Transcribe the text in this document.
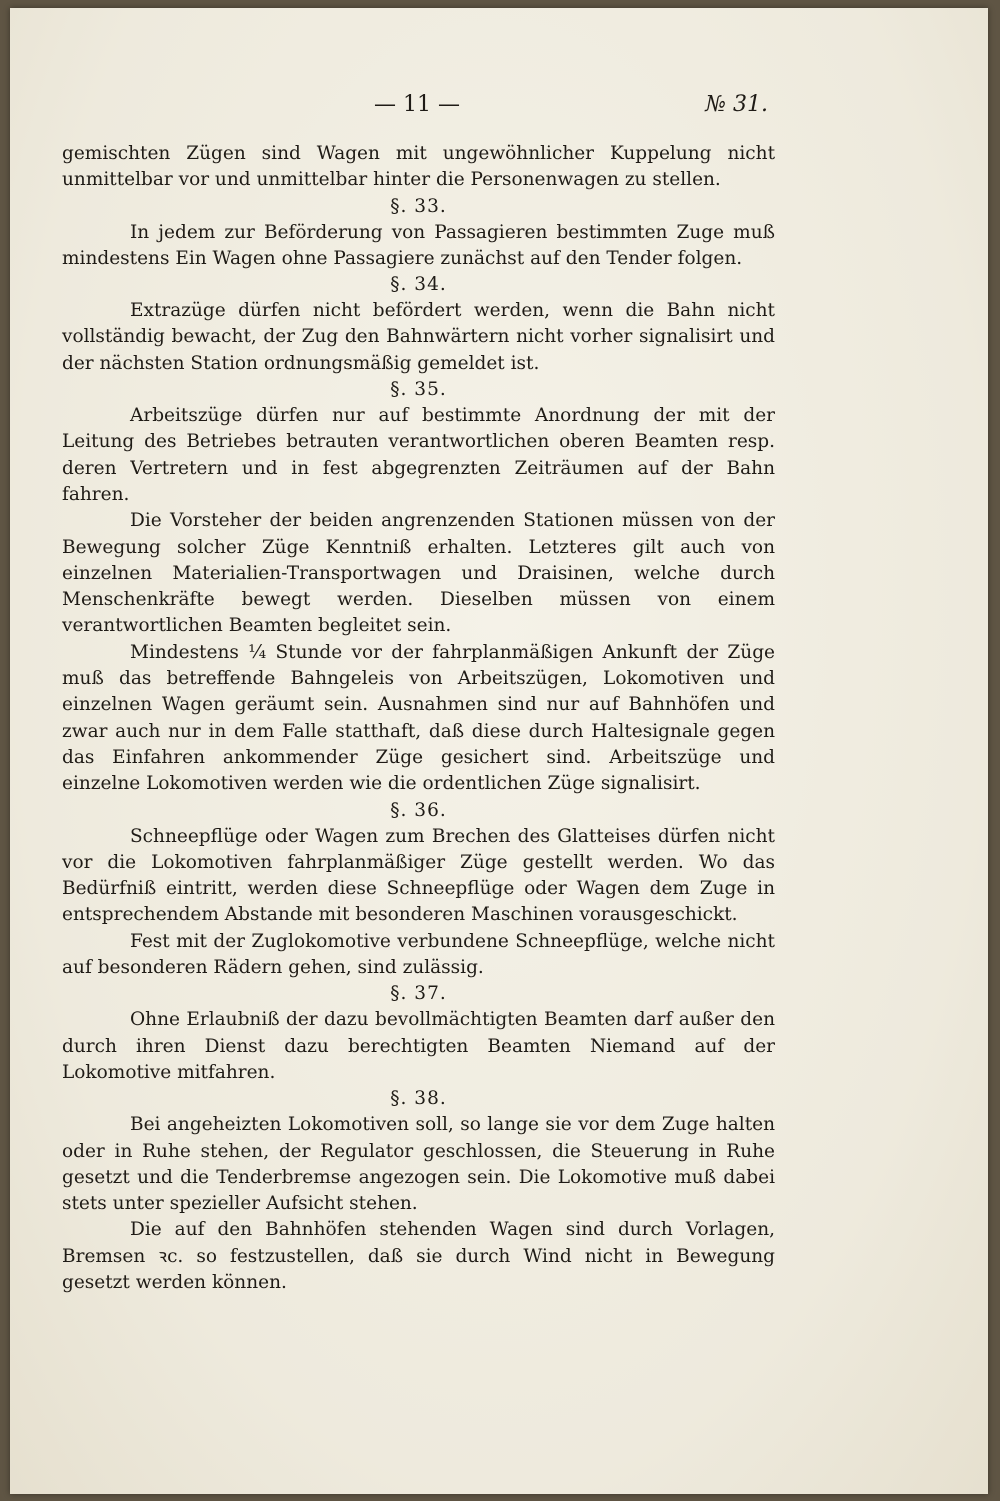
— 11 —	№ 31.

gemischten Zügen sind Wagen mit ungewöhnlicher Kuppelung nicht unmittelbar vor und unmittelbar hinter die Personenwagen zu stellen.

§. 33.

In jedem zur Beförderung von Passagieren bestimmten Zuge muß mindestens Ein Wagen ohne Passagiere zunächst auf den Tender folgen.

§. 34.

Extrazüge dürfen nicht befördert werden, wenn die Bahn nicht vollständig bewacht, der Zug den Bahnwärtern nicht vorher signalisirt und der nächsten Station ordnungsmäßig gemeldet ist.

§. 35.

Arbeitszüge dürfen nur auf bestimmte Anordnung der mit der Leitung des Betriebes betrauten verantwortlichen oberen Beamten resp. deren Vertretern und in fest abgegrenzten Zeiträumen auf der Bahn fahren.

Die Vorsteher der beiden angrenzenden Stationen müssen von der Bewegung solcher Züge Kenntniß erhalten. Letzteres gilt auch von einzelnen Materialien-Transportwagen und Draisinen, welche durch Menschenkräfte bewegt werden. Dieselben müssen von einem verantwortlichen Beamten begleitet sein.

Mindestens ¼ Stunde vor der fahrplanmäßigen Ankunft der Züge muß das betreffende Bahngeleis von Arbeitszügen, Lokomotiven und einzelnen Wagen geräumt sein. Ausnahmen sind nur auf Bahnhöfen und zwar auch nur in dem Falle statthaft, daß diese durch Haltesignale gegen das Einfahren ankommender Züge gesichert sind. Arbeitszüge und einzelne Lokomotiven werden wie die ordentlichen Züge signalisirt.

§. 36.

Schneepflüge oder Wagen zum Brechen des Glatteises dürfen nicht vor die Lokomotiven fahrplanmäßiger Züge gestellt werden. Wo das Bedürfniß eintritt, werden diese Schneepflüge oder Wagen dem Zuge in entsprechendem Abstande mit besonderen Maschinen vorausgeschickt.

Fest mit der Zuglokomotive verbundene Schneepflüge, welche nicht auf besonderen Rädern gehen, sind zulässig.

§. 37.

Ohne Erlaubniß der dazu bevollmächtigten Beamten darf außer den durch ihren Dienst dazu berechtigten Beamten Niemand auf der Lokomotive mitfahren.

§. 38.

Bei angeheizten Lokomotiven soll, so lange sie vor dem Zuge halten oder in Ruhe stehen, der Regulator geschlossen, die Steuerung in Ruhe gesetzt und die Tenderbremse angezogen sein. Die Lokomotive muß dabei stets unter spezieller Aufsicht stehen.

Die auf den Bahnhöfen stehenden Wagen sind durch Vorlagen, Bremsen ꝛc. so festzustellen, daß sie durch Wind nicht in Bewegung gesetzt werden können.
